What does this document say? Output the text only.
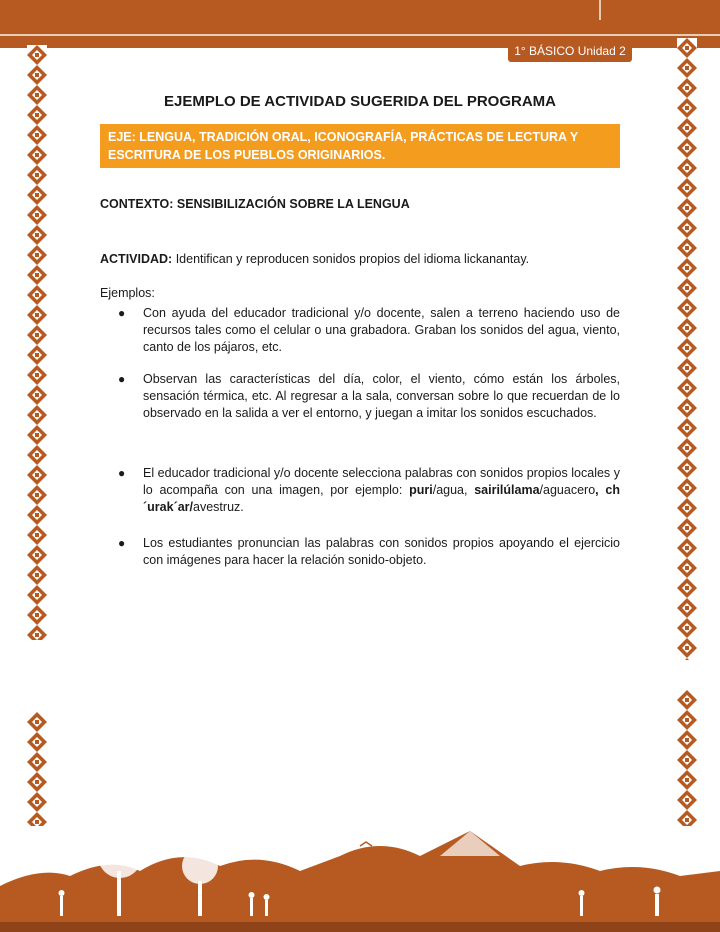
1° BÁSICO Unidad 2
EJEMPLO DE ACTIVIDAD SUGERIDA DEL PROGRAMA
EJE: LENGUA, TRADICIÓN ORAL, ICONOGRAFÍA, PRÁCTICAS DE LECTURA Y ESCRITURA DE LOS PUEBLOS ORIGINARIOS.

CONTEXTO: SENSIBILIZACIÓN SOBRE LA LENGUA

ACTIVIDAD: Identifican y reproducen sonidos propios del idioma lickanantay.

Ejemplos:

● Con ayuda del educador tradicional y/o docente, salen a terreno haciendo uso de recursos tales como el celular o una grabadora. Graban los sonidos del agua, viento, canto de los pájaros, etc.
● Observan las características del día, color, el viento, cómo están los árboles, sensación térmica, etc. Al regresar a la sala, conversan sobre lo que recuerdan de lo observado en la salida a ver el entorno, y juegan a imitar los sonidos escuchados.
● El educador tradicional y/o docente selecciona palabras con sonidos propios locales y lo acompaña con una imagen, por ejemplo: puri/agua, sairilúlama/aguacero, ch´urak´ar/avestruz.
● Los estudiantes pronuncian las palabras con sonidos propios apoyando el ejercicio con imágenes para hacer la relación sonido-objeto.
